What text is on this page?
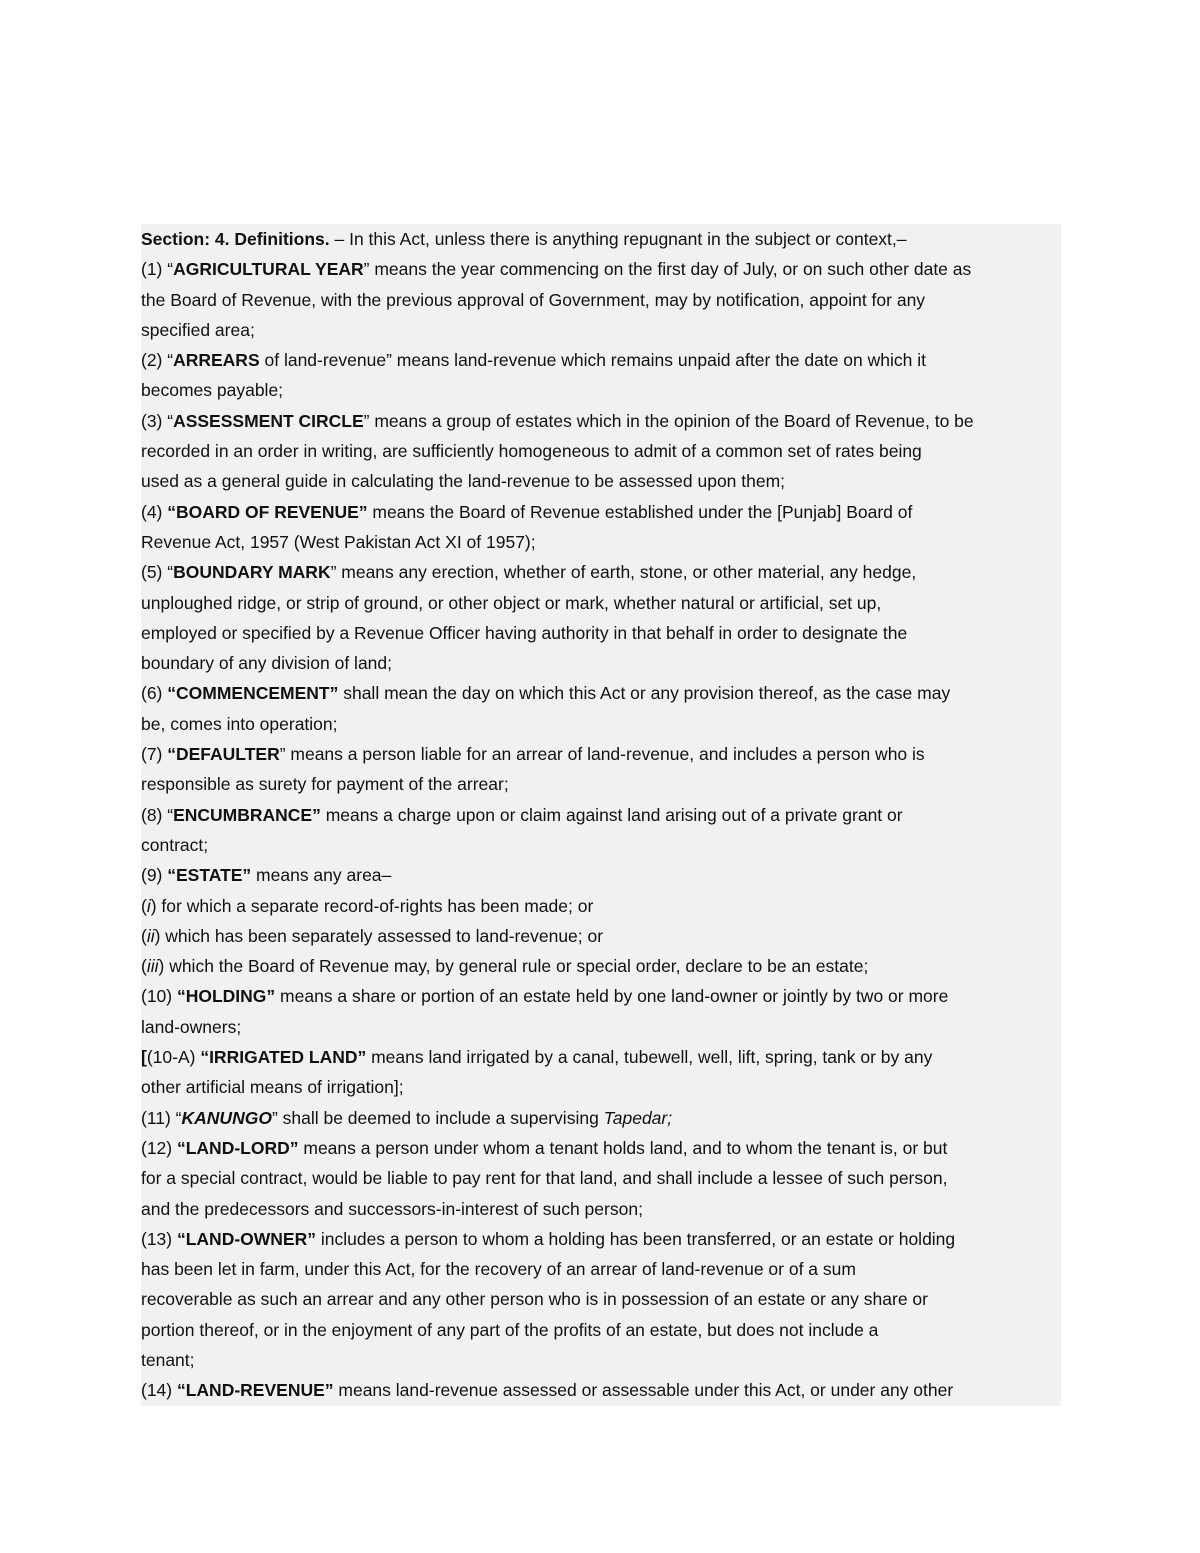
Section: 4. Definitions. – In this Act, unless there is anything repugnant in the subject or context,–
(1) “AGRICULTURAL YEAR” means the year commencing on the first day of July, or on such other date as
the Board of Revenue, with the previous approval of Government, may by notification, appoint for any
specified area;
(2) “ARREARS of land-revenue” means land-revenue which remains unpaid after the date on which it
becomes payable;
(3) “ASSESSMENT CIRCLE” means a group of estates which in the opinion of the Board of Revenue, to be
recorded in an order in writing, are sufficiently homogeneous to admit of a common set of rates being
used as a general guide in calculating the land-revenue to be assessed upon them;
(4) “BOARD OF REVENUE” means the Board of Revenue established under the [Punjab] Board of
Revenue Act, 1957 (West Pakistan Act XI of 1957);
(5) “BOUNDARY MARK” means any erection, whether of earth, stone, or other material, any hedge,
unploughed ridge, or strip of ground, or other object or mark, whether natural or artificial, set up,
employed or specified by a Revenue Officer having authority in that behalf in order to designate the
boundary of any division of land;
(6) “COMMENCEMENT” shall mean the day on which this Act or any provision thereof, as the case may
be, comes into operation;
(7) “DEFAULTER” means a person liable for an arrear of land-revenue, and includes a person who is
responsible as surety for payment of the arrear;
(8) “ENCUMBRANCE” means a charge upon or claim against land arising out of a private grant or
contract;
(9) “ESTATE” means any area–
(i) for which a separate record-of-rights has been made; or
(ii) which has been separately assessed to land-revenue; or
(iii) which the Board of Revenue may, by general rule or special order, declare to be an estate;
(10) “HOLDING” means a share or portion of an estate held by one land-owner or jointly by two or more
land-owners;
[(10-A) “IRRIGATED LAND” means land irrigated by a canal, tubewell, well, lift, spring, tank or by any
other artificial means of irrigation];
(11) “KANUNGO” shall be deemed to include a supervising Tapedar;
(12) “LAND-LORD” means a person under whom a tenant holds land, and to whom the tenant is, or but
for a special contract, would be liable to pay rent for that land, and shall include a lessee of such person,
and the predecessors and successors-in-interest of such person;
(13) “LAND-OWNER” includes a person to whom a holding has been transferred, or an estate or holding
has been let in farm, under this Act, for the recovery of an arrear of land-revenue or of a sum
recoverable as such an arrear and any other person who is in possession of an estate or any share or
portion thereof, or in the enjoyment of any part of the profits of an estate, but does not include a
tenant;
(14) “LAND-REVENUE” means land-revenue assessed or assessable under this Act, or under any other
